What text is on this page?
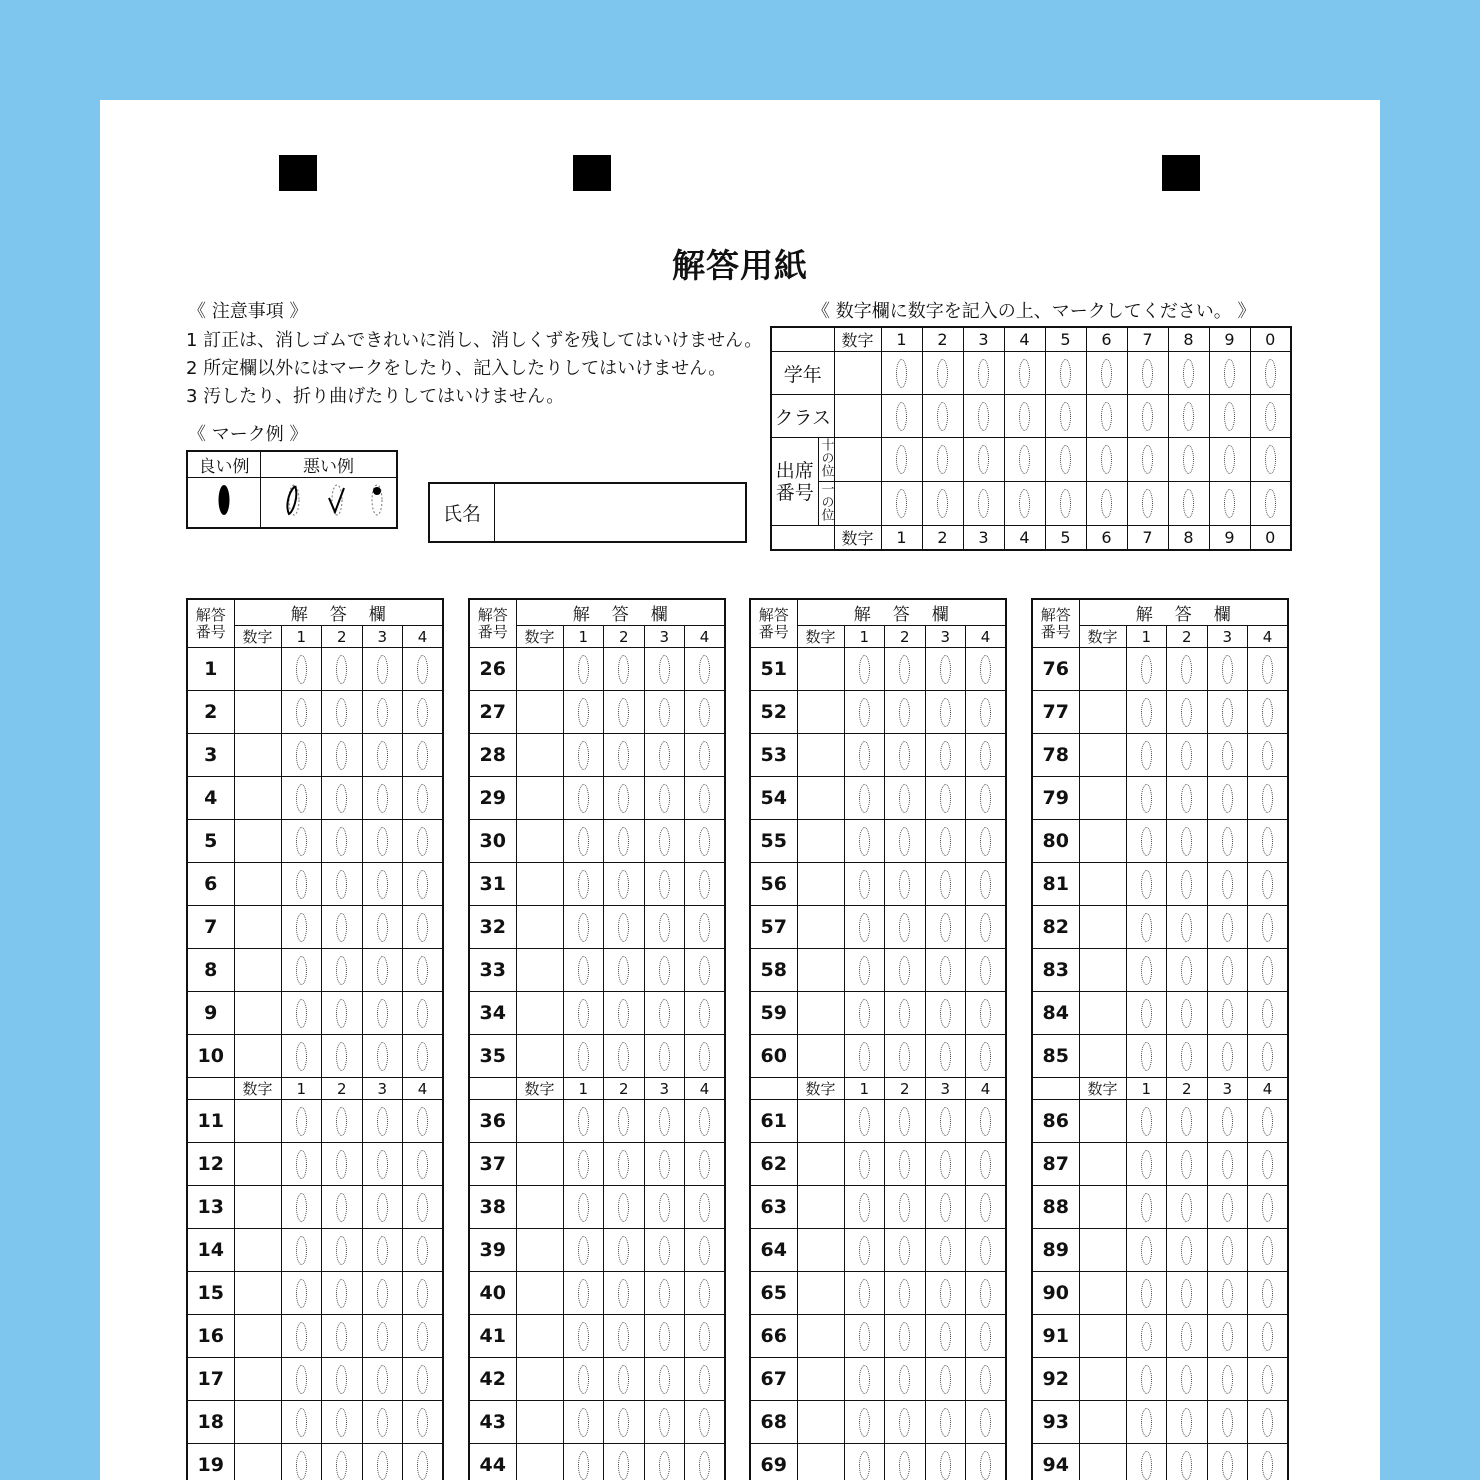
解答用紙
《 注意事項 》
1 訂正は、消しゴムできれいに消し、消しくずを残してはいけません。
2 所定欄以外にはマークをしたり、記入したりしてはいけません。
3 汚したり、折り曲げたりしてはいけません。
《 マーク例 》
良い例	悪い例

氏名
《 数字欄に数字を記入の上、マークしてください。 》
		数字	1	2	3	4	5	6	7	8	9	0
学年												
クラス												
出席
番号	十の位											
	一の位											
		数字	1	2	3	4	5	6	7	8	9	0
解答
番号	解答欄				
	数字	1	2	3	4
1					
2					
3					
4					
5					
6					
7					
8					
9					
10					
	数字	1	2	3	4
11					
12					
13					
14					
15					
16					
17					
18					
19					
解答
番号	解答欄				
	数字	1	2	3	4
26					
27					
28					
29					
30					
31					
32					
33					
34					
35					
	数字	1	2	3	4
36					
37					
38					
39					
40					
41					
42					
43					
44					
解答
番号	解答欄				
	数字	1	2	3	4
51					
52					
53					
54					
55					
56					
57					
58					
59					
60					
	数字	1	2	3	4
61					
62					
63					
64					
65					
66					
67					
68					
69					
解答
番号	解答欄				
	数字	1	2	3	4
76					
77					
78					
79					
80					
81					
82					
83					
84					
85					
	数字	1	2	3	4
86					
87					
88					
89					
90					
91					
92					
93					
94					
